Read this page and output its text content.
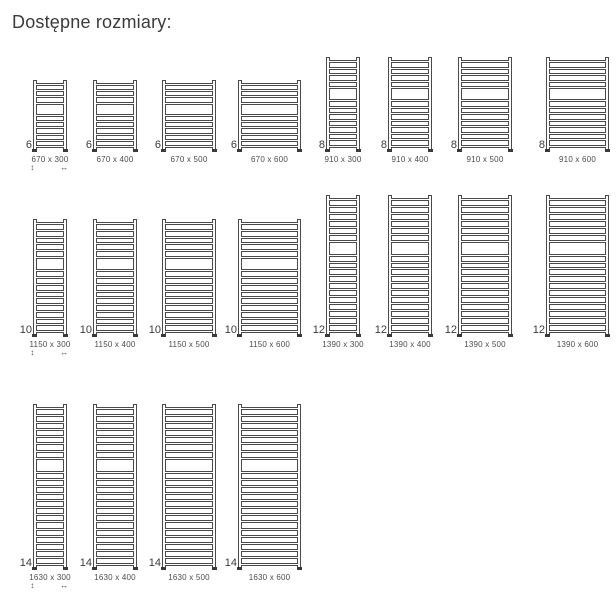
Dostępne rozmiary:
6
670 x 300
↕	↔
6
670 x 400
6
670 x 500
6
670 x 600
8
910 x 300
8
910 x 400
8
910 x 500
8
910 x 600
10
1150 x 300
↕	↔
10
1150 x 400
10
1150 x 500
10
1150 x 600
12
1390 x 300
12
1390 x 400
12
1390 x 500
12
1390 x 600
14
1630 x 300
↕	↔
14
1630 x 400
14
1630 x 500
14
1630 x 600
